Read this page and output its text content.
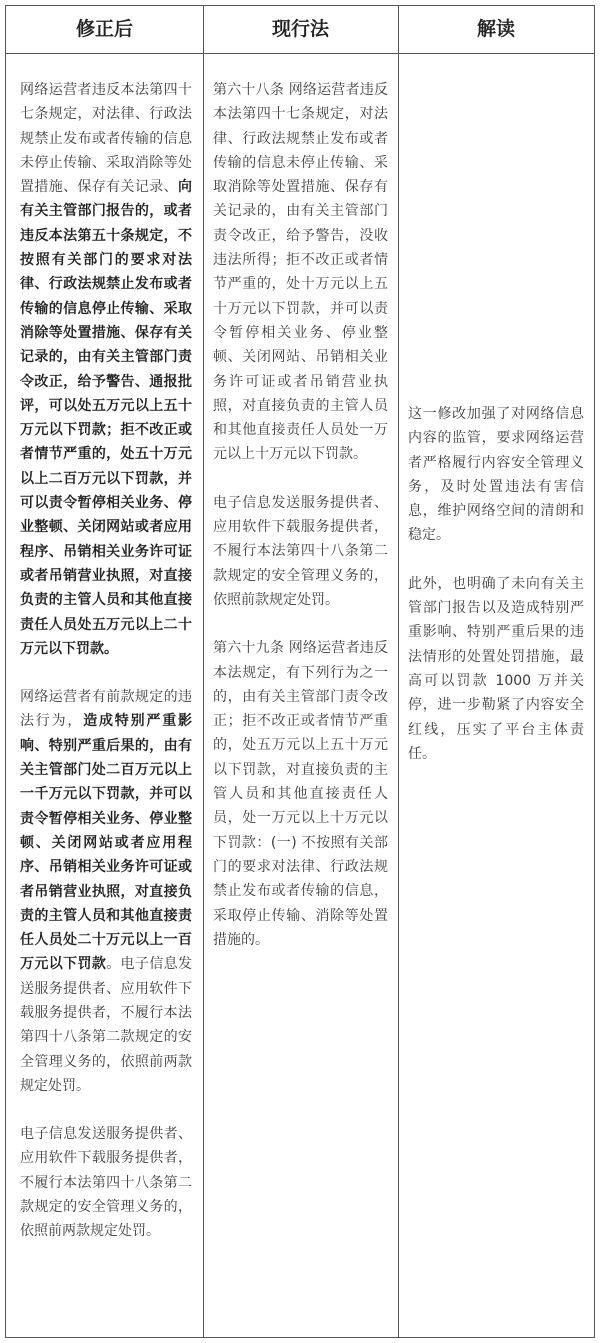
修正后	现行法	解读

网络运营者违反本法第四十七条规定，对法律、行政法规禁止发布或者传输的信息未停止传输、采取消除等处置措施、保存有关记录、向有关主管部门报告的，或者违反本法第五十条规定，不按照有关部门的要求对法律、行政法规禁止发布或者传输的信息停止传输、采取消除等处置措施、保存有关记录的，由有关主管部门责令改正，给予警告、通报批评，可以处五万元以上五十万元以下罚款；拒不改正或者情节严重的，处五十万元以上二百万元以下罚款，并可以责令暂停相关业务、停业整顿、关闭网站或者应用程序、吊销相关业务许可证或者吊销营业执照，对直接负责的主管人员和其他直接责任人员处五万元以上二十万元以下罚款。

网络运营者有前款规定的违法行为，造成特别严重影响、特别严重后果的，由有关主管部门处二百万元以上一千万元以下罚款，并可以责令暂停相关业务、停业整顿、关闭网站或者应用程序、吊销相关业务许可证或者吊销营业执照，对直接负责的主管人员和其他直接责任人员处二十万元以上一百万元以下罚款。电子信息发送服务提供者、应用软件下载服务提供者，不履行本法第四十八条第二款规定的安全管理义务的，依照前两款规定处罚。

电子信息发送服务提供者、应用软件下载服务提供者，不履行本法第四十八条第二款规定的安全管理义务的，依照前两款规定处罚。

第六十八条 网络运营者违反本法第四十七条规定，对法律、行政法规禁止发布或者传输的信息未停止传输、采取消除等处置措施、保存有关记录的，由有关主管部门责令改正，给予警告，没收违法所得；拒不改正或者情节严重的，处十万元以上五十万元以下罚款，并可以责令暂停相关业务、停业整顿、关闭网站、吊销相关业务许可证或者吊销营业执照，对直接负责的主管人员和其他直接责任人员处一万元以上十万元以下罚款。

电子信息发送服务提供者、应用软件下载服务提供者，不履行本法第四十八条第二款规定的安全管理义务的，依照前款规定处罚。

第六十九条 网络运营者违反本法规定，有下列行为之一的，由有关主管部门责令改正；拒不改正或者情节严重的，处五万元以上五十万元以下罚款，对直接负责的主管人员和其他直接责任人员，处一万元以上十万元以下罚款：(一) 不按照有关部门的要求对法律、行政法规禁止发布或者传输的信息，采取停止传输、消除等处置措施的。

这一修改加强了对网络信息内容的监管，要求网络运营者严格履行内容安全管理义务，及时处置违法有害信息，维护网络空间的清朗和稳定。

此外，也明确了未向有关主管部门报告以及造成特别严重影响、特别严重后果的违法情形的处置处罚措施，最高可以罚款 1000 万并关停，进一步勒紧了内容安全红线，压实了平台主体责任。
